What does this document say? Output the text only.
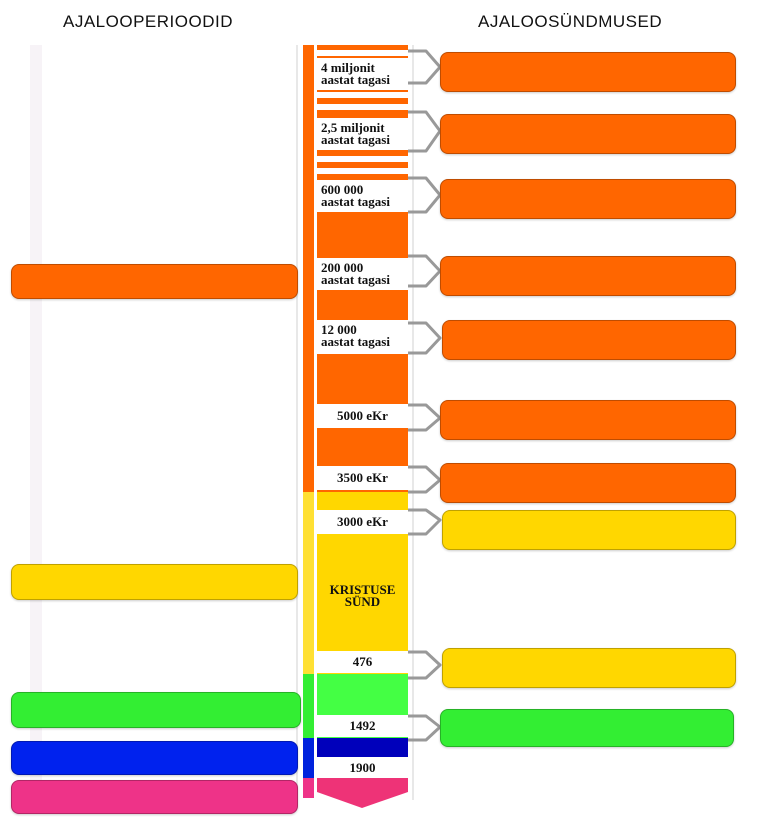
AJALOOPERIOODID	AJALOOSÜNDMUSED
4 miljonit
aastat tagasi
2,5 miljonit
aastat tagasi
600 000
aastat tagasi
200 000
aastat tagasi
12 000
aastat tagasi
5000 eKr
3500 eKr
3000 eKr
KRISTUSE
SÜND
476
1492
1900
